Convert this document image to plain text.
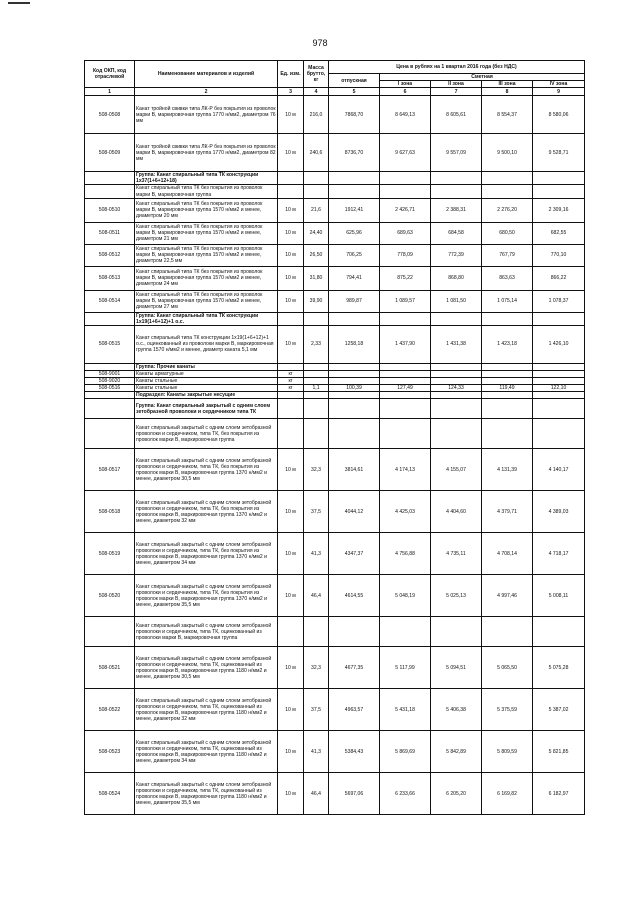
978
Код ОКП, код отраслевой	Наименование материалов и изделий	Ед. изм.	Масса брутто, кг	Цена в рублях на 1 квартал 2016 года (без НДС)				
				отпускная	Сметная			
					I зона	II зона	III зона	IV зона
1	2	3	4	5	6	7	8	9
508-0508	Канат тройной свивки типа ЛК-Р без покрытия из проволок марки В, маркировочная группа 1770 н/мм2, диаметром 76 мм	10 м	216,0	7868,70	8 649,13	8 605,61	8 554,37	8 580,06
508-0509	Канат тройной свивки типа ЛК-Р без покрытия из проволок марки В, маркировочная группа 1770 н/мм2, диаметром 82 мм	10 м	240,6	8736,70	9 627,63	9 557,09	9 500,10	9 528,71
	Группа: Канат спиральный типа ТК конструкции 1х37(1+6+12+18)							
	Канат спиральный типа ТК без покрытия из проволок марки В, маркировочная группа							
508-0510	Канат спиральный типа ТК без покрытия из проволок марки В, маркировочная группа 1570 н/мм2 и менее, диаметром 20 мм	10 м	21,6	1912,41	2 426,71	2 388,31	2 276,20	2 309,16
508-0511	Канат спиральный типа ТК без покрытия из проволок марки В, маркировочная группа 1570 н/мм2 и менее, диаметром 21 мм	10 м	24,40	625,96	689,63	684,58	680,50	682,55
508-0512	Канат спиральный типа ТК без покрытия из проволок марки В, маркировочная группа 1570 н/мм2 и менее, диаметром 22,5 мм	10 м	26,50	706,25	778,09	772,39	767,79	770,10
508-0513	Канат спиральный типа ТК без покрытия из проволок марки В, маркировочная группа 1570 н/мм2 и менее, диаметром 24 мм	10 м	31,80	794,41	875,22	868,80	863,63	866,22
508-0514	Канат спиральный типа ТК без покрытия из проволок марки В, маркировочная группа 1570 н/мм2 и менее, диаметром 27 мм	10 м	39,90	989,87	1 089,57	1 081,50	1 075,14	1 078,37
	Группа: Канат спиральный типа ТК конструкции 1х19(1+6+12)+1 о.с.							
508-0515	Канат спиральный типа ТК конструкции 1х19(1+6+12)+1 о.с., оцинкованный из проволоки марки В, маркировочная группа 1570 н/мм2 и менее, диаметр каната 5,1 мм	10 м	2,33	1258,18	1 437,90	1 431,38	1 423,18	1 426,10
	Группа: Прочие канаты							
508-9001	Канаты арматурные	кг						
508-9020	Канаты стальные	кг						
508-0516	Канаты стальные	кг	1,1	100,39	127,49	124,33	119,49	122,10
	Подраздел: Канаты закрытые несущие							
	Группа: Канат спиральный закрытый с одним слоем зетобразной проволоки и сердечником типа ТК							
	Канат спиральный закрытый с одним слоем зетобразной проволоки и сердечником, типа ТК, без покрытия из проволок марки В, маркировочная группа							
508-0517	Канат спиральный закрытый с одним слоем зетобразной проволоки и сердечником, типа ТК, без покрытия из проволок марки В, маркировочная группа 1370 н/мм2 и менее, диаметром 30,5 мм	10 м	32,3	3814,61	4 174,13	4 155,07	4 131,39	4 140,17
508-0518	Канат спиральный закрытый с одним слоем зетобразной проволоки и сердечником, типа ТК, без покрытия из проволок марки В, маркировочная группа 1370 н/мм2 и менее, диаметром 32 мм	10 м	37,5	4044,12	4 425,03	4 404,60	4 379,71	4 389,03
508-0519	Канат спиральный закрытый с одним слоем зетобразной проволоки и сердечником, типа ТК, без покрытия из проволок марки В, маркировочная группа 1370 н/мм2 и менее, диаметром 34 мм	10 м	41,3	4347,37	4 756,88	4 735,11	4 708,14	4 718,17
508-0520	Канат спиральный закрытый с одним слоем зетобразной проволоки и сердечником, типа ТК, без покрытия из проволок марки В, маркировочная группа 1370 н/мм2 и менее, диаметром 35,5 мм	10 м	46,4	4614,55	5 048,19	5 025,13	4 997,46	5 008,11
	Канат спиральный закрытый с одним слоем зетобразной проволоки и сердечником, типа ТК, оцинкованный из проволоки марки В, маркировочная группа							
508-0521	Канат спиральный закрытый с одним слоем зетобразной проволоки и сердечником, типа ТК, оцинкованный из проволок марки В, маркировочная группа 1180 н/мм2 и менее, диаметром 30,5 мм	10 м	32,3	4677,35	5 117,99	5 094,51	5 065,50	5 075,28
508-0522	Канат спиральный закрытый с одним слоем зетобразной проволоки и сердечником, типа ТК, оцинкованный из проволок марки В, маркировочная группа 1180 н/мм2 и менее, диаметром 32 мм	10 м	37,5	4963,57	5 431,18	5 406,38	5 375,59	5 387,02
508-0523	Канат спиральный закрытый с одним слоем зетобразной проволоки и сердечником, типа ТК, оцинкованный из проволок марки В, маркировочная группа 1180 н/мм2 и менее, диаметром 34 мм	10 м	41,3	5384,43	5 869,69	5 842,89	5 809,59	5 821,85
508-0524	Канат спиральный закрытый с одним слоем зетобразной проволоки и сердечником, типа ТК, оцинкованный из проволок марки В, маркировочная группа 1180 н/мм2 и менее, диаметром 35,5 мм	10 м	46,4	5697,06	6 233,66	6 205,20	6 169,82	6 182,97
